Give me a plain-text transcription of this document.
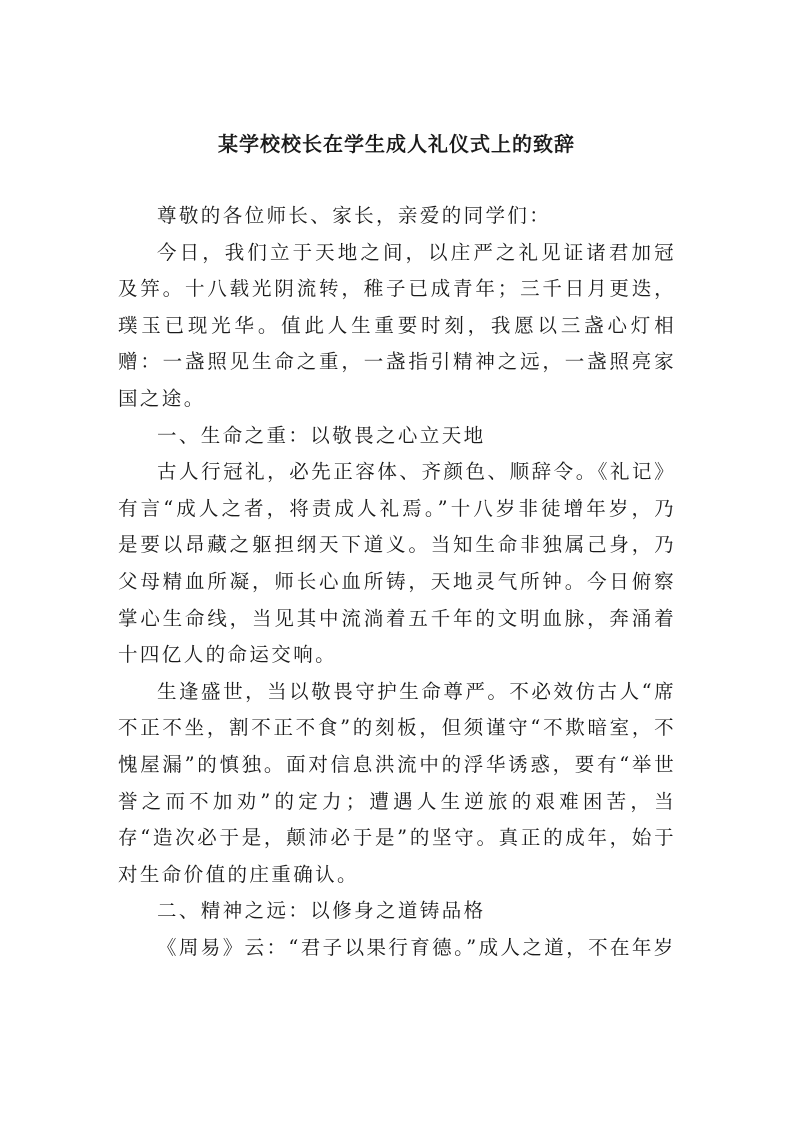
某学校校长在学生成人礼仪式上的致辞

尊敬的各位师长、家长，亲爱的同学们：

今日，我们立于天地之间，以庄严之礼见证诸君加冠及笄。十八载光阴流转，稚子已成青年；三千日月更迭，璞玉已现光华。值此人生重要时刻，我愿以三盏心灯相赠：一盏照见生命之重，一盏指引精神之远，一盏照亮家国之途。

一、生命之重：以敬畏之心立天地

古人行冠礼，必先正容体、齐颜色、顺辞令。《礼记》有言“成人之者，将责成人礼焉。”十八岁非徒增年岁，乃是要以昂藏之躯担纲天下道义。当知生命非独属己身，乃父母精血所凝，师长心血所铸，天地灵气所钟。今日俯察掌心生命线，当见其中流淌着五千年的文明血脉，奔涌着十四亿人的命运交响。

生逢盛世，当以敬畏守护生命尊严。不必效仿古人“席不正不坐，割不正不食”的刻板，但须谨守“不欺暗室，不愧屋漏”的慎独。面对信息洪流中的浮华诱惑，要有“举世誉之而不加劝”的定力；遭遇人生逆旅的艰难困苦，当存“造次必于是，颠沛必于是”的坚守。真正的成年，始于对生命价值的庄重确认。

二、精神之远：以修身之道铸品格

《周易》云：“君子以果行育德。”成人之道，不在年岁
